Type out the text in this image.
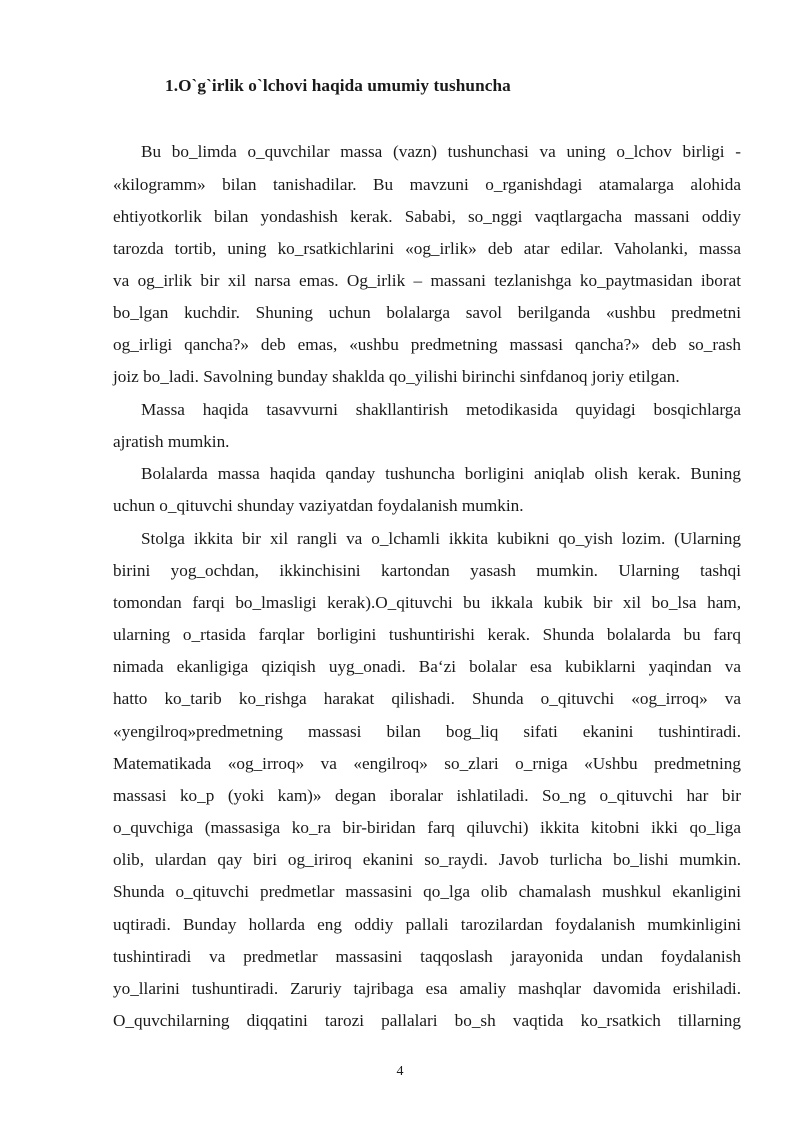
1.O`g`irlik o`lchovi haqida umumiy tushuncha
Bu bo_limda o_quvchilar massa (vazn) tushunchasi va uning o_lchov birligi -
«kilogramm» bilan tanishadilar. Bu mavzuni o_rganishdagi atamalarga alohida
ehtiyotkorlik bilan yondashish kerak. Sababi, so_nggi vaqtlargacha massani oddiy
tarozda tortib, uning ko_rsatkichlarini «og_irlik» deb atar edilar. Vaholanki, massa
va og_irlik bir xil narsa emas. Og_irlik – massani tezlanishga ko_paytmasidan iborat
bo_lgan kuchdir. Shuning uchun bolalarga savol berilganda «ushbu predmetni
og_irligi qancha?» deb emas, «ushbu predmetning massasi qancha?» deb so_rash
joiz bo_ladi. Savolning bunday shaklda qo_yilishi birinchi sinfdanoq joriy etilgan.
Massa haqida tasavvurni shakllantirish metodikasida quyidagi bosqichlarga
ajratish mumkin.
Bolalarda massa haqida qanday tushuncha borligini aniqlab olish kerak. Buning
uchun o_qituvchi shunday vaziyatdan foydalanish mumkin.
Stolga ikkita bir xil rangli va o_lchamli ikkita kubikni qo_yish lozim. (Ularning
birini yog_ochdan, ikkinchisini kartondan yasash mumkin. Ularning tashqi
tomondan farqi bo_lmasligi kerak).O_qituvchi bu ikkala kubik bir xil bo_lsa ham,
ularning o_rtasida farqlar borligini tushuntirishi kerak. Shunda bolalarda bu farq
nimada ekanligiga qiziqish uyg_onadi. Ba‘zi bolalar esa kubiklarni yaqindan va
hatto ko_tarib ko_rishga harakat qilishadi. Shunda o_qituvchi «og_irroq» va
«yengilroq»predmetning massasi bilan bog_liq sifati ekanini tushintiradi.
Matematikada «og_irroq» va «engilroq» so_zlari o_rniga «Ushbu predmetning
massasi ko_p (yoki kam)» degan iboralar ishlatiladi. So_ng o_qituvchi har bir
o_quvchiga (massasiga ko_ra bir-biridan farq qiluvchi) ikkita kitobni ikki qo_liga
olib, ulardan qay biri og_iriroq ekanini so_raydi. Javob turlicha bo_lishi mumkin.
Shunda o_qituvchi predmetlar massasini qo_lga olib chamalash mushkul ekanligini
uqtiradi. Bunday hollarda eng oddiy pallali tarozilardan foydalanish mumkinligini
tushintiradi va predmetlar massasini taqqoslash jarayonida undan foydalanish
yo_llarini tushuntiradi. Zaruriy tajribaga esa amaliy mashqlar davomida erishiladi.
O_quvchilarning diqqatini tarozi pallalari bo_sh vaqtida ko_rsatkich tillarning
4
